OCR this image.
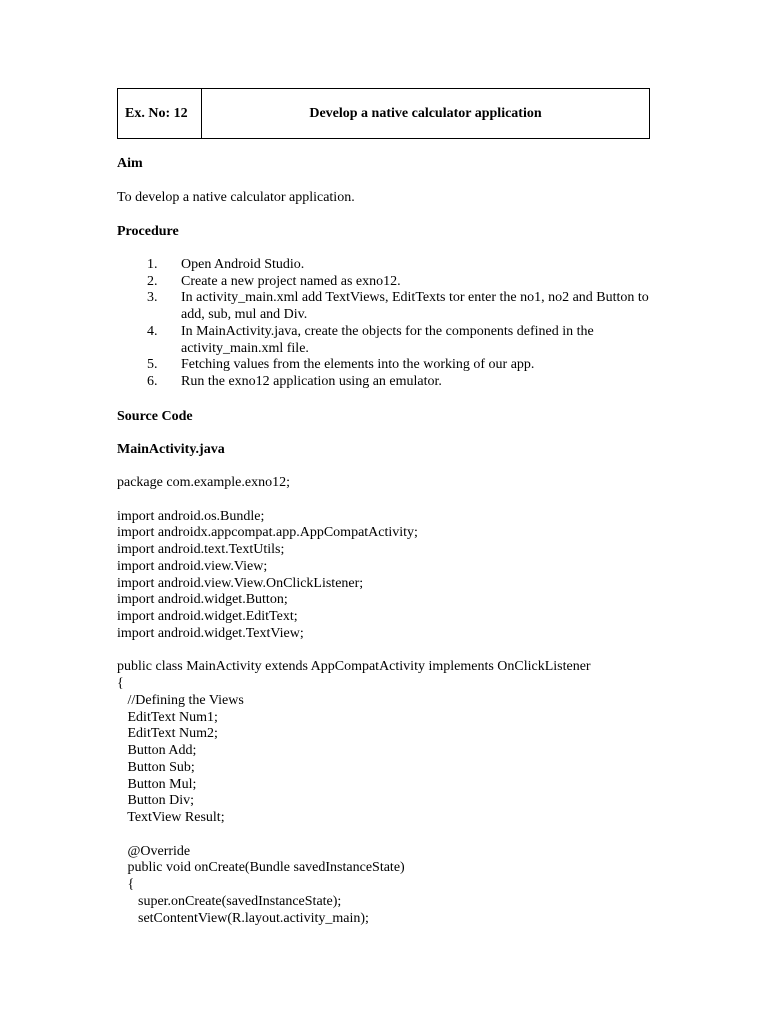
Ex. No: 12	Develop a native calculator application
Aim
To develop a native calculator application.
Procedure
1.	Open Android Studio.
2.	Create a new project named as exno12.
3.	In activity_main.xml add TextViews, EditTexts tor enter the no1, no2 and Button to add, sub, mul and Div.
4.	In MainActivity.java, create the objects for the components defined in the activity_main.xml file.
5.	Fetching values from the elements into the working of our app.
6.	Run the exno12 application using an emulator.
Source Code
MainActivity.java
package com.example.exno12;
import android.os.Bundle;
import androidx.appcompat.app.AppCompatActivity;
import android.text.TextUtils;
import android.view.View;
import android.view.View.OnClickListener;
import android.widget.Button;
import android.widget.EditText;
import android.widget.TextView;
public class MainActivity extends AppCompatActivity implements OnClickListener
{
//Defining the Views
EditText Num1;
EditText Num2;
Button Add;
Button Sub;
Button Mul;
Button Div;
TextView Result;
@Override
public void onCreate(Bundle savedInstanceState)
{
super.onCreate(savedInstanceState);
setContentView(R.layout.activity_main);
